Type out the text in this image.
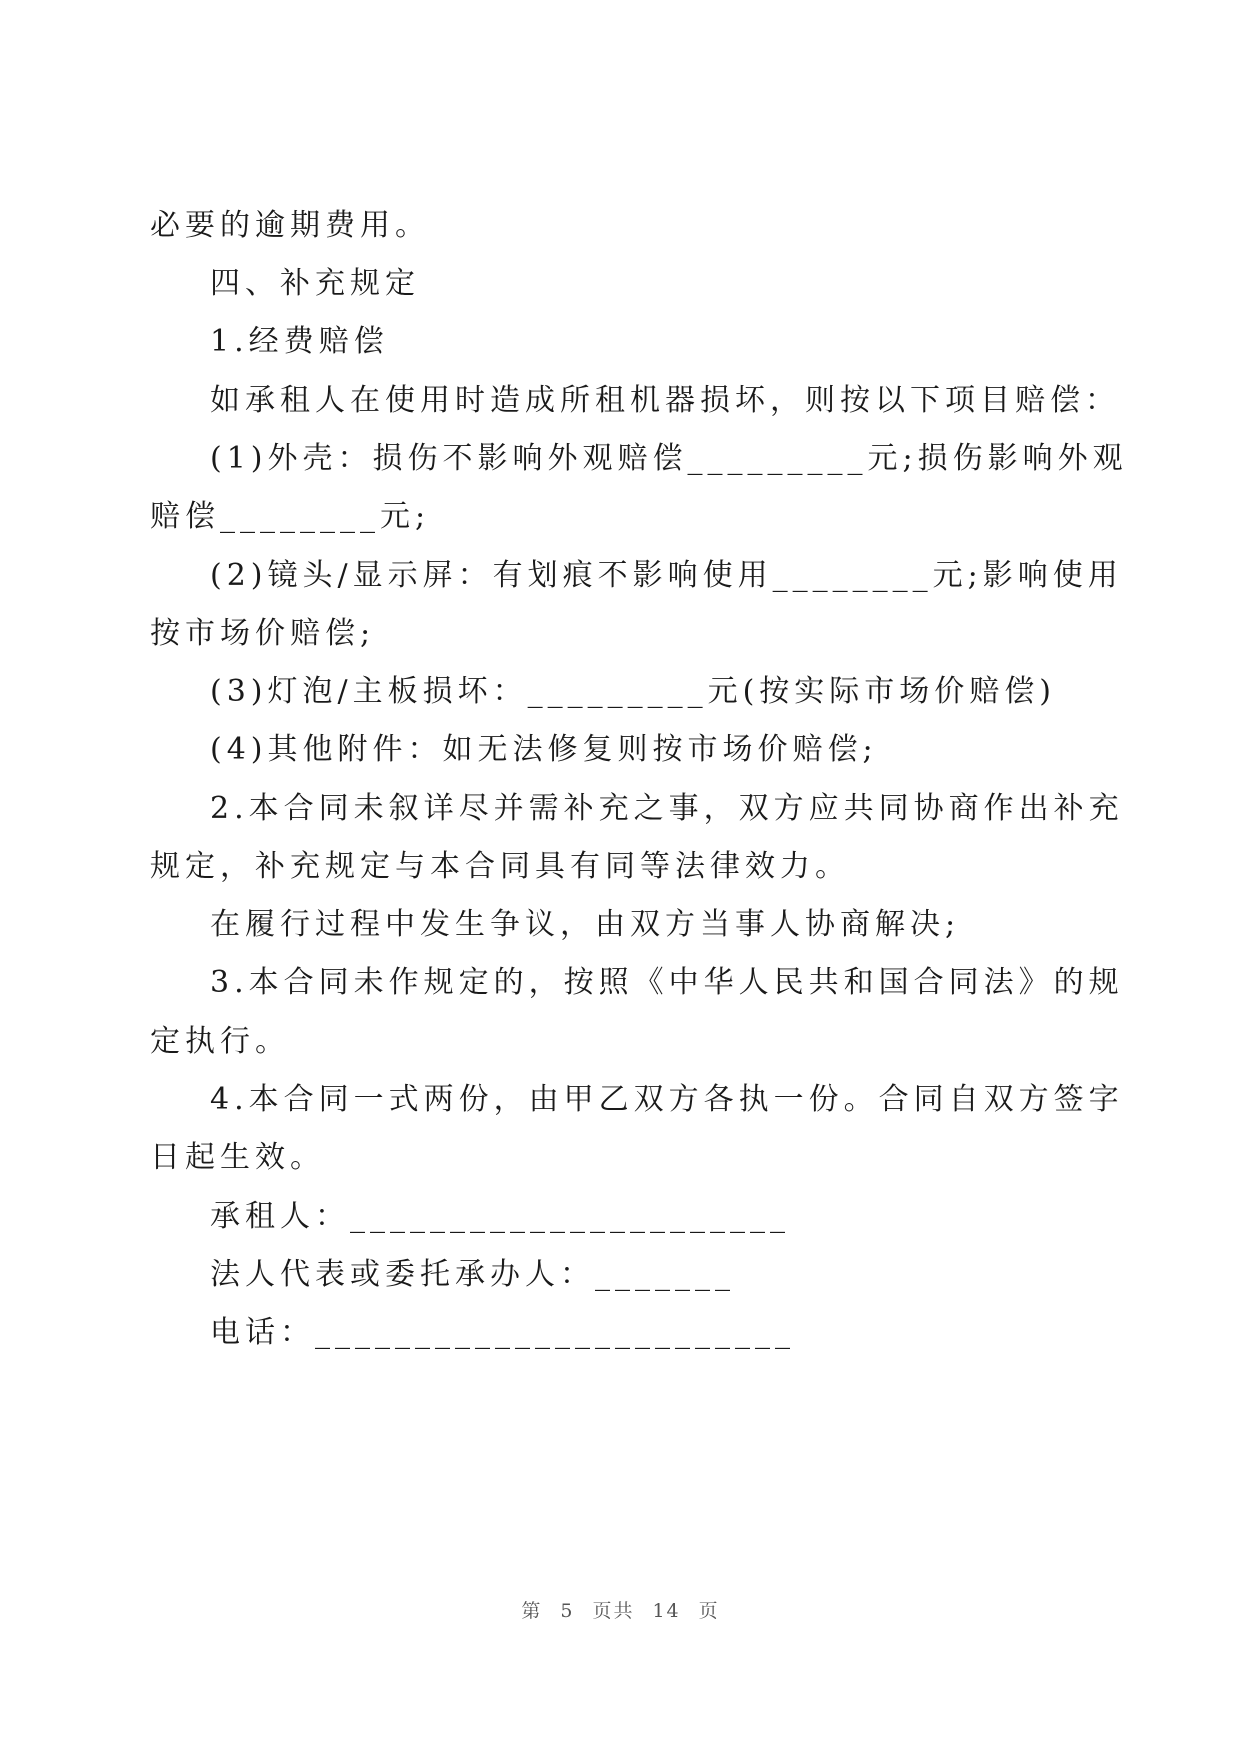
必要的逾期费用。
四、补充规定
1.经费赔偿
如承租人在使用时造成所租机器损坏，则按以下项目赔偿：
(1)外壳：损伤不影响外观赔偿_________元;损伤影响外观
赔偿________元;
(2)镜头/显示屏：有划痕不影响使用________元;影响使用
按市场价赔偿;
(3)灯泡/主板损坏：_________元(按实际市场价赔偿)
(4)其他附件：如无法修复则按市场价赔偿;
2.本合同未叙详尽并需补充之事，双方应共同协商作出补充
规定，补充规定与本合同具有同等法律效力。
在履行过程中发生争议，由双方当事人协商解决;
3.本合同未作规定的，按照《中华人民共和国合同法》的规
定执行。
4.本合同一式两份，由甲乙双方各执一份。合同自双方签字
日起生效。
承租人：______________________
法人代表或委托承办人：_______
电话：________________________
第 5 页共 14 页
